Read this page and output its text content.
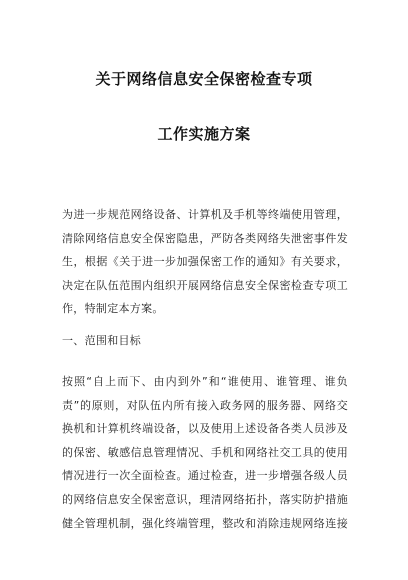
关于网络信息安全保密检查专项
工作实施方案
为进一步规范网络设备、计算机及手机等终端使用管理，
清除网络信息安全保密隐患，严防各类网络失泄密事件发
生，根据《关于进一步加强保密工作的通知》有关要求，
决定在队伍范围内组织开展网络信息安全保密检查专项工
作，特制定本方案。
一、范围和目标
按照“自上而下、由内到外”和“谁使用、谁管理、谁负
责”的原则，对队伍内所有接入政务网的服务器、网络交
换机和计算机终端设备，以及使用上述设备各类人员涉及
的保密、敏感信息管理情况、手机和网络社交工具的使用
情况进行一次全面检查。通过检查，进一步增强各级人员
的网络信息安全保密意识，理清网络拓扑，落实防护措施
健全管理机制，强化终端管理，整改和消除违规网络连接
